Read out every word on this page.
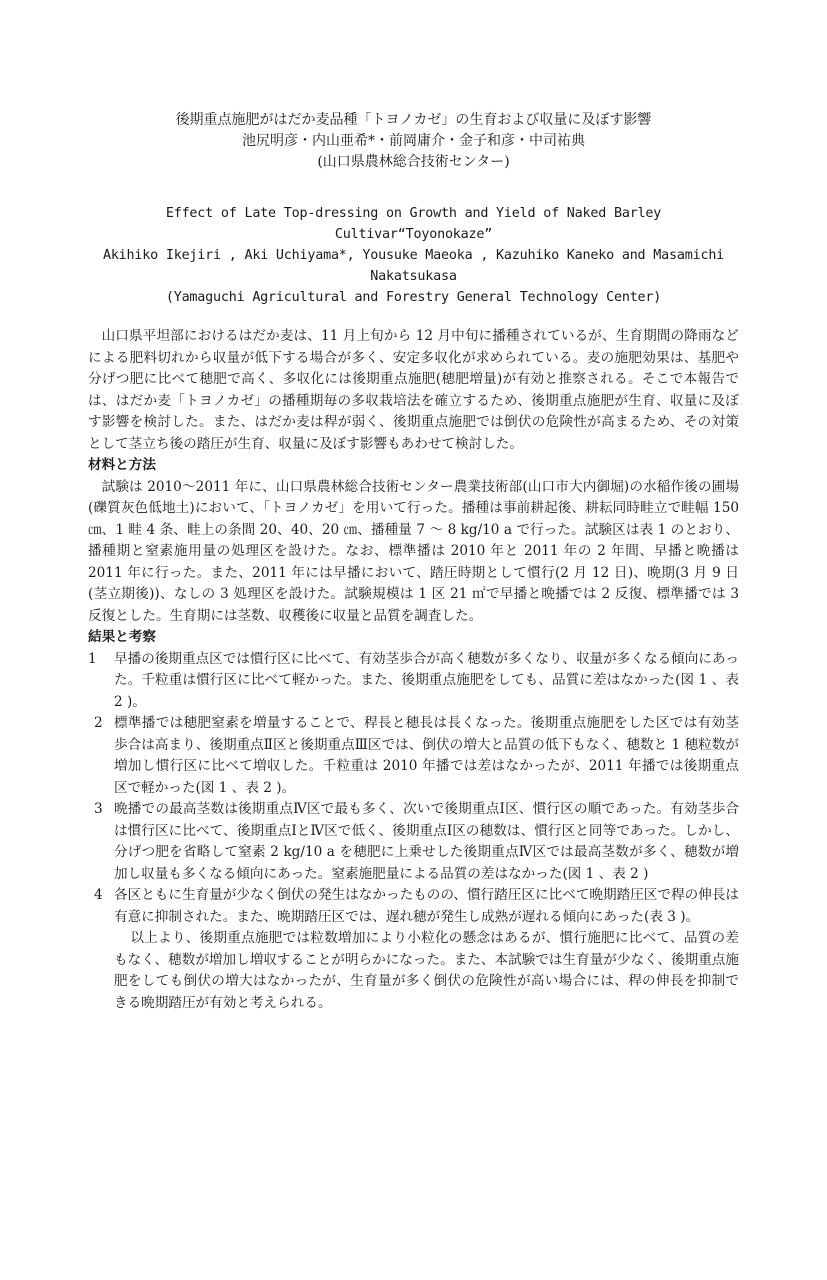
後期重点施肥がはだか麦品種「トヨノカゼ」の生育および収量に及ぼす影響
池尻明彦・内山亜希*・前岡庸介・金子和彦・中司祐典
(山口県農林総合技術センター)
Effect of Late Top-dressing on Growth and Yield of Naked Barley Cultivar“Toyonokaze”
Akihiko Ikejiri , Aki Uchiyama*, Yousuke Maeoka , Kazuhiko Kaneko and Masamichi Nakatsukasa
(Yamaguchi Agricultural and Forestry General Technology Center)

山口県平坦部におけるはだか麦は、11 月上旬から 12 月中旬に播種されているが、生育期間の降雨などによる肥料切れから収量が低下する場合が多く、安定多収化が求められている。麦の施肥効果は、基肥や分げつ肥に比べて穂肥で高く、多収化には後期重点施肥(穂肥増量)が有効と推察される。そこで本報告では、はだか麦「トヨノカゼ」の播種期毎の多収栽培法を確立するため、後期重点施肥が生育、収量に及ぼす影響を検討した。また、はだか麦は稈が弱く、後期重点施肥では倒伏の危険性が高まるため、その対策として茎立ち後の踏圧が生育、収量に及ぼす影響もあわせて検討した。

材料と方法

試験は 2010〜2011 年に、山口県農林総合技術センター農業技術部(山口市大内御堀)の水稲作後の圃場(礫質灰色低地土)において、「トヨノカゼ」を用いて行った。播種は事前耕起後、耕耘同時畦立で畦幅 150 ㎝、1 畦 4 条、畦上の条間 20、40、20 ㎝、播種量 7 〜 8 kg/10 a で行った。試験区は表 1 のとおり、播種期と窒素施用量の処理区を設けた。なお、標準播は 2010 年と 2011 年の 2 年間、早播と晩播は 2011 年に行った。また、2011 年には早播において、踏圧時期として慣行(2 月 12 日)、晩期(3 月 9 日(茎立期後))、なしの 3 処理区を設けた。試験規模は 1 区 21 ㎡で早播と晩播では 2 反復、標準播では 3 反復とした。生育期には茎数、収穫後に収量と品質を調査した。

結果と考察
1 早播の後期重点区では慣行区に比べて、有効茎歩合が高く穂数が多くなり、収量が多くなる傾向にあった。千粒重は慣行区に比べて軽かった。また、後期重点施肥をしても、品質に差はなかった(図 1 、表 2 )。
2 標準播では穂肥窒素を増量することで、稈長と穂長は長くなった。後期重点施肥をした区では有効茎歩合は高まり、後期重点Ⅱ区と後期重点Ⅲ区では、倒伏の増大と品質の低下もなく、穂数と 1 穂粒数が増加し慣行区に比べて増収した。千粒重は 2010 年播では差はなかったが、2011 年播では後期重点区で軽かった(図 1 、表 2 )。
3 晩播での最高茎数は後期重点Ⅳ区で最も多く、次いで後期重点Ⅰ区、慣行区の順であった。有効茎歩合は慣行区に比べて、後期重点ⅠとⅣ区で低く、後期重点Ⅰ区の穂数は、慣行区と同等であった。しかし、分げつ肥を省略して窒素 2 kg/10 a を穂肥に上乗せした後期重点Ⅳ区では最高茎数が多く、穂数が増加し収量も多くなる傾向にあった。窒素施肥量による品質の差はなかった(図 1 、表 2 )
4 各区ともに生育量が少なく倒伏の発生はなかったものの、慣行踏圧区に比べて晩期踏圧区で稈の伸長は有意に抑制された。また、晩期踏圧区では、遅れ穂が発生し成熟が遅れる傾向にあった(表 3 )。
以上より、後期重点施肥では粒数増加により小粒化の懸念はあるが、慣行施肥に比べて、品質の差もなく、穂数が増加し増収することが明らかになった。また、本試験では生育量が少なく、後期重点施肥をしても倒伏の増大はなかったが、生育量が多く倒伏の危険性が高い場合には、稈の伸長を抑制できる晩期踏圧が有効と考えられる。
